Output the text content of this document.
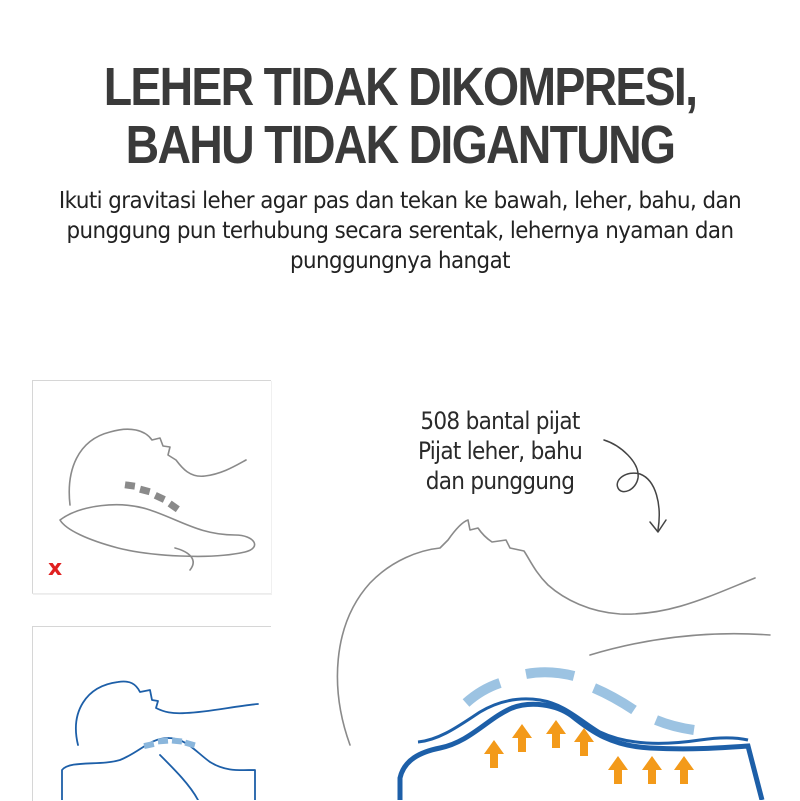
LEHER TIDAK DIKOMPRESI,
BAHU TIDAK DIGANTUNG
Ikuti gravitasi leher agar pas dan tekan ke bawah, leher, bahu, dan
punggung pun terhubung secara serentak, lehernya nyaman dan
punggungnya hangat
x
508 bantal pijat
Pijat leher, bahu
dan punggung
